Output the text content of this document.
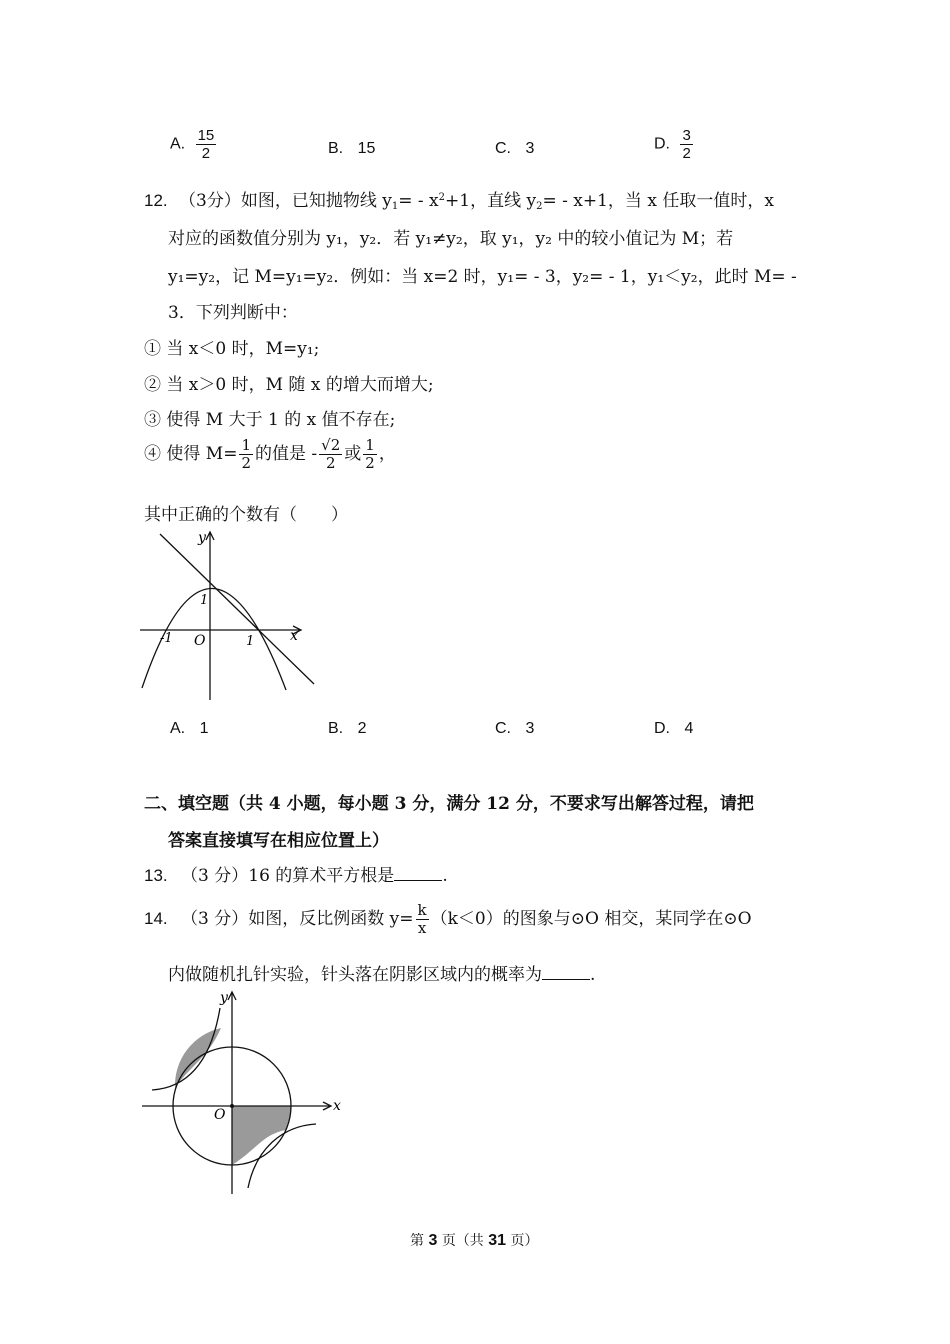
A. $\frac{15}{2}$	B. 15	C. 3	D. $\frac{3}{2}$
12. （3分）如图，已知抛物线 $y_1= - x^2+1$，直线 $y_2= - x+1$，当 x 任取一值时，x
对应的函数值分别为 y₁，y₂．若 y₁≠y₂，取 y₁，y₂ 中的较小值记为 M；若
y₁=y₂，记 M=y₁=y₂．例如：当 x=2 时，y₁= - 3，y₂= - 1，y₁＜y₂，此时 M= -
3．下列判断中：
① 当 x＜0 时，M=y₁;
② 当 x＞0 时，M 随 x 的增大而增大;
③ 使得 M 大于 1 的 x 值不存在;
④ 使得 $M= \frac{1}{2}$ 的值是 - $\frac{√2}{2}$ 或 $\frac{1}{2}$ ，
其中正确的个数有（　　）
y
x
O
1
-1	1
A. 1	B. 2	C. 3	D. 4
二、填空题（共 4 小题，每小题 3 分，满分 12 分，不要求写出解答过程，请把
答案直接填写在相应位置上）
13. （3 分）16 的算术平方根是	.
14. （3 分）如图，反比例函数 $y= \frac{k}{x} (k<0)$的图象与⊙O 相交，某同学在⊙O
内做随机扎针实验，针头落在阴影区域内的概率为	.
y
x
O
第 3 页（共 31 页）
